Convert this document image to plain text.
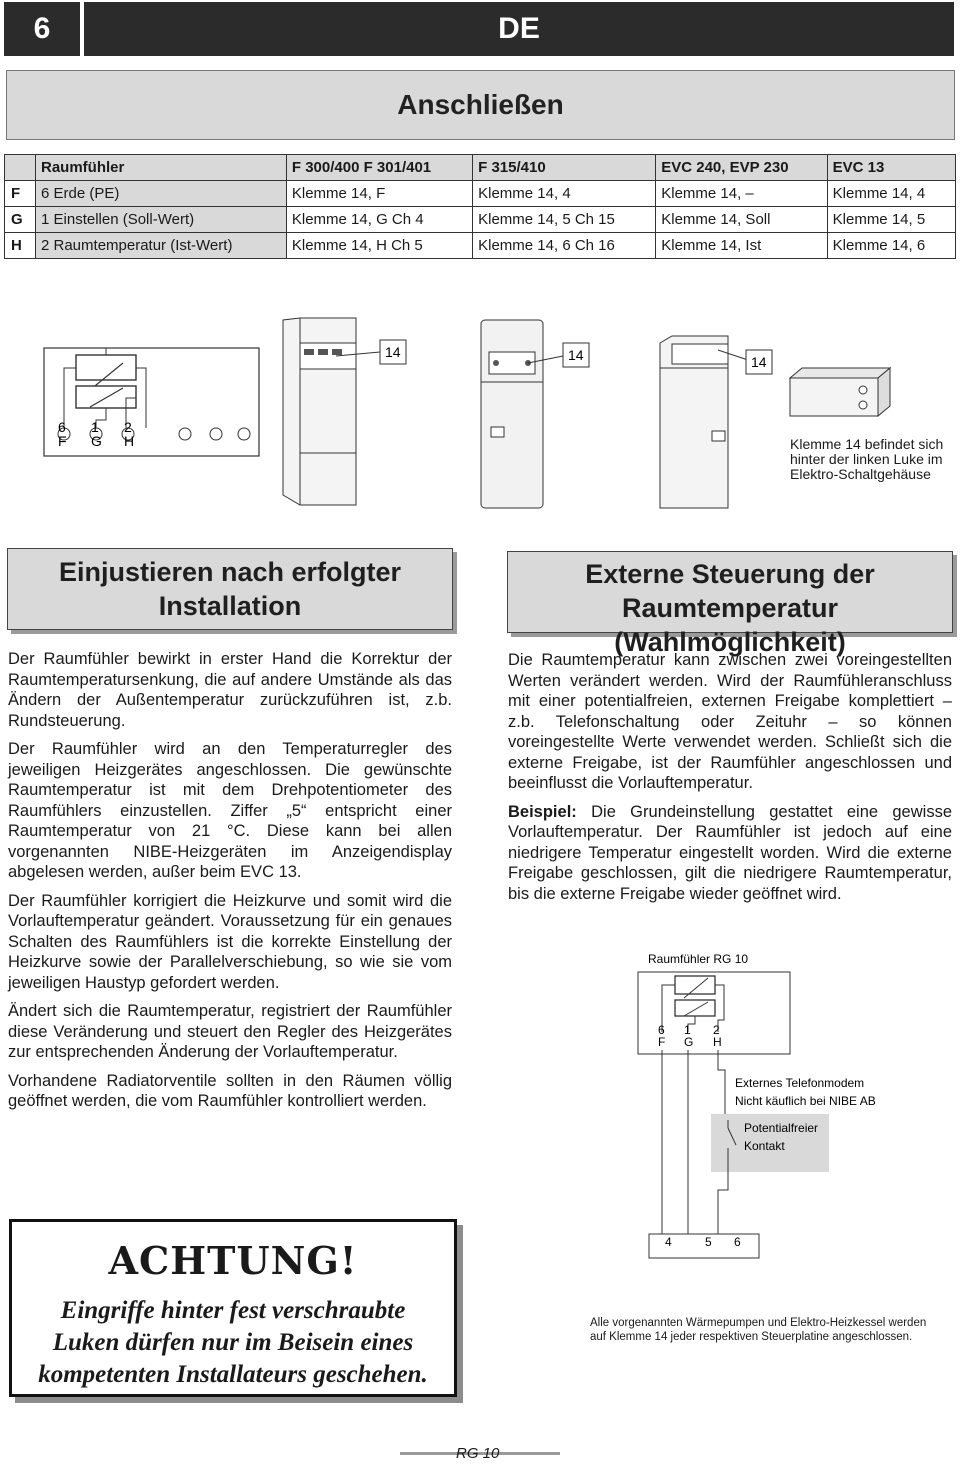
6	DE
Anschließen
	Raumfühler	F 300/400 F 301/401	F 315/410	EVC 240, EVP 230	EVC 13
F	6 Erde (PE)	Klemme 14, F	Klemme 14, 4	Klemme 14, –	Klemme 14, 4
G	1 Einstellen (Soll-Wert)	Klemme 14, G Ch 4	Klemme 14, 5 Ch 15	Klemme 14, Soll	Klemme 14, 5
H	2 Raumtemperatur (Ist-Wert)	Klemme 14, H Ch 5	Klemme 14, 6 Ch 16	Klemme 14, Ist	Klemme 14, 6
6 1 2
F G H
14	14	14
Klemme 14 befindet sich hinter der linken Luke im Elektro-Schaltgehäuse
Einjustieren nach erfolgter Installation

Der Raumfühler bewirkt in erster Hand die Korrektur der Raumtemperatursenkung, die auf andere Umstände als das Ändern der Außentemperatur zurückzuführen ist, z.b. Rundsteuerung.

Der Raumfühler wird an den Temperaturregler des jeweiligen Heizgerätes angeschlossen. Die gewünschte Raumtemperatur ist mit dem Drehpotentiometer des Raumfühlers einzustellen. Ziffer „5“ entspricht einer Raumtemperatur von 21 °C. Diese kann bei allen vorgenannten NIBE-Heizgeräten im Anzeigendisplay abgelesen werden, außer beim EVC 13.

Der Raumfühler korrigiert die Heizkurve und somit wird die Vorlauftemperatur geändert. Voraussetzung für ein genaues Schalten des Raumfühlers ist die korrekte Einstellung der Heizkurve sowie der Parallelverschiebung, so wie sie vom jeweiligen Haustyp gefordert werden.

Ändert sich die Raumtemperatur, registriert der Raumfühler diese Veränderung und steuert den Regler des Heizgerätes zur entsprechenden Änderung der Vorlauftemperatur.

Vorhandene Radiatorventile sollten in den Räumen völlig geöffnet werden, die vom Raumfühler kontrolliert werden.

Externe Steuerung der Raumtemperatur (Wahlmöglichkeit)

Die Raumtemperatur kann zwischen zwei voreingestellten Werten verändert werden. Wird der Raumfühleranschluss mit einer potentialfreien, externen Freigabe komplettiert – z.b. Telefonschaltung oder Zeituhr – so können voreingestellte Werte verwendet werden. Schließt sich die externe Freigabe, ist der Raumfühler angeschlossen und beeinflusst die Vorlauftemperatur.

Beispiel: Die Grundeinstellung gestattet eine gewisse Vorlauftemperatur. Der Raumfühler ist jedoch auf eine niedrigere Temperatur eingestellt worden. Wird die externe Freigabe geschlossen, gilt die niedrigere Raumtemperatur, bis die externe Freigabe wieder geöffnet wird.

Raumfühler RG 10
6 1 2
F G H
Externes Telefonmodem
Nicht käuflich bei NIBE AB
Potentialfreier
Kontakt
4	5 6
Alle vorgenannten Wärmepumpen und Elektro-Heizkessel werden auf Klemme 14 jeder respektiven Steuerplatine angeschlossen.
ACHTUNG!
Eingriffe hinter fest verschraubte
Luken dürfen nur im Beisein eines
kompetenten Installateurs geschehen.
RG 10
